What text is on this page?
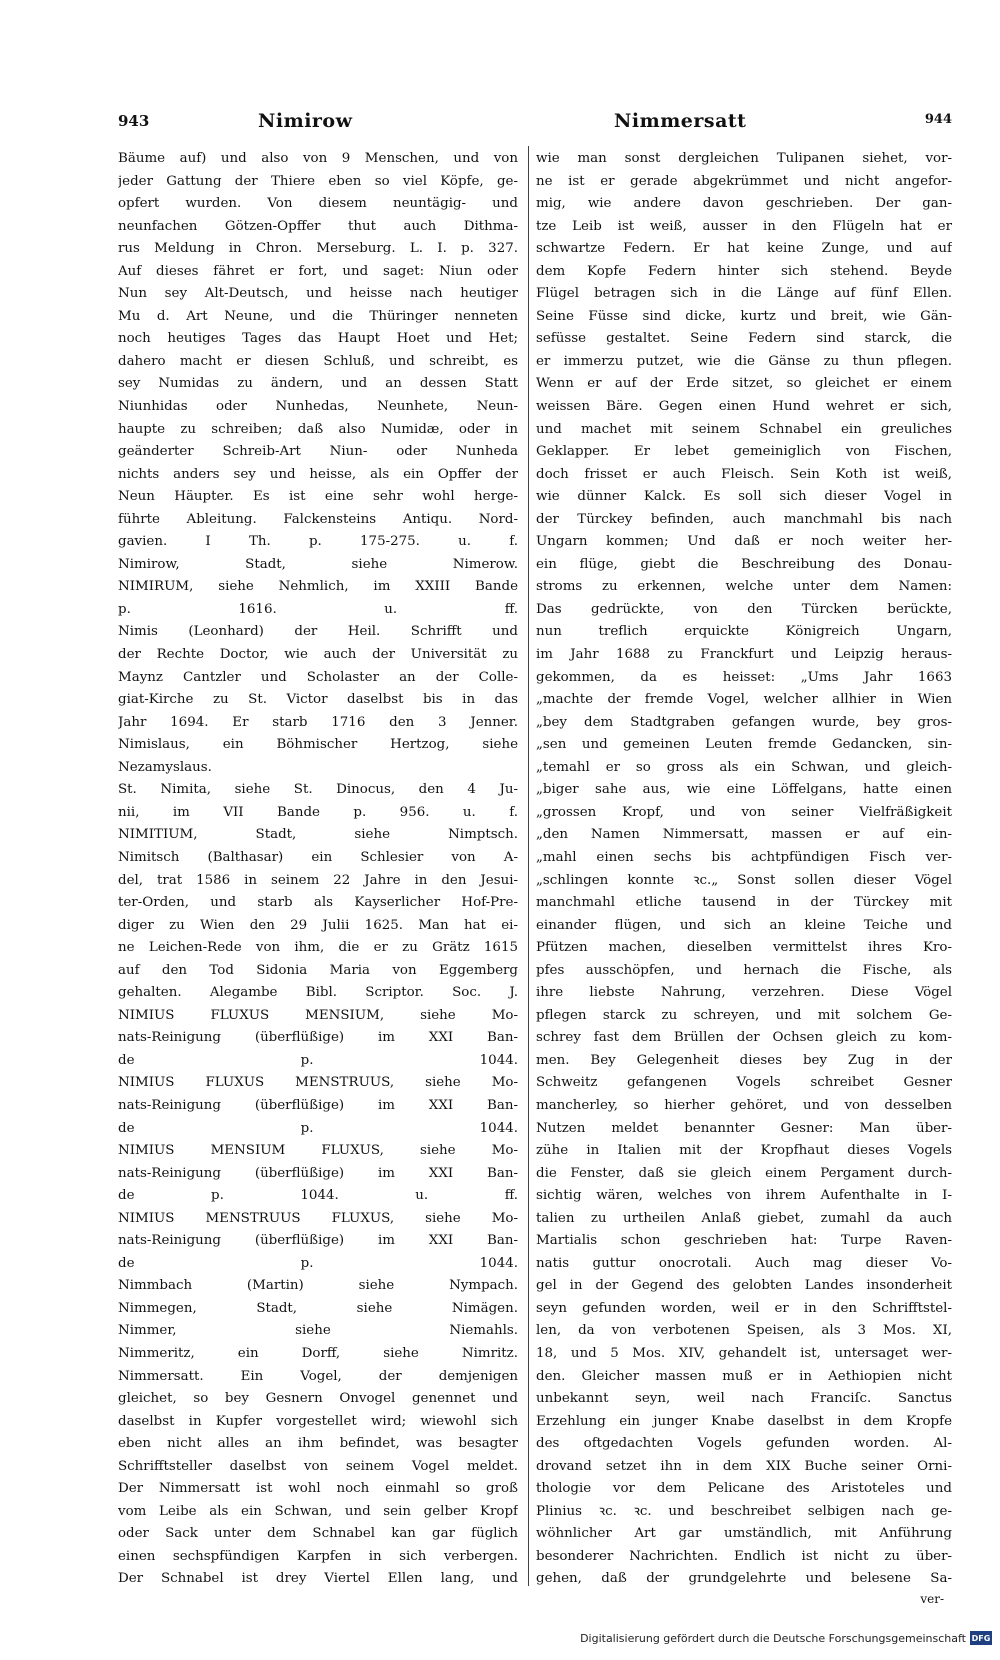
943	Nimirow	Nimmersatt	944
Bäume auf) und also von 9 Menschen, und von
jeder Gattung der Thiere eben so viel Köpfe, ge-
opfert wurden. Von diesem neuntägig- und
neunfachen Götzen-Opffer thut auch Dithma-
rus Meldung in Chron. Merseburg. L. I. p. 327.
Auf dieses fähret er fort, und saget: Niun oder
Nun sey Alt-Deutsch, und heisse nach heutiger
Mu d. Art Neune, und die Thüringer nenneten
noch heutiges Tages das Haupt Hoet und Het;
dahero macht er diesen Schluß, und schreibt, es
sey Numidas zu ändern, und an dessen Statt
Niunhidas oder Nunhedas, Neunhete, Neun-
haupte zu schreiben; daß also Numidæ, oder in
geänderter Schreib-Art Niun- oder Nunheda
nichts anders sey und heisse, als ein Opffer der
Neun Häupter. Es ist eine sehr wohl herge-
führte Ableitung. Falckensteins Antiqu. Nord-
gavien. I Th. p. 175-275. u. f.
Nimirow, Stadt, siehe Nimerow.
NIMIRUM, siehe Nehmlich, im XXIII Bande
p. 1616. u. ff.
Nimis (Leonhard) der Heil. Schrifft und
der Rechte Doctor, wie auch der Universität zu
Maynz Cantzler und Scholaster an der Colle-
giat-Kirche zu St. Victor daselbst bis in das
Jahr 1694. Er starb 1716 den 3 Jenner.
Nimislaus, ein Böhmischer Hertzog, siehe
Nezamyslaus.
St. Nimita, siehe St. Dinocus, den 4 Ju-
nii, im VII Bande p. 956. u. f.
NIMITIUM, Stadt, siehe Nimptsch.
Nimitsch (Balthasar) ein Schlesier von A-
del, trat 1586 in seinem 22 Jahre in den Jesui-
ter-Orden, und starb als Kayserlicher Hof-Pre-
diger zu Wien den 29 Julii 1625. Man hat ei-
ne Leichen-Rede von ihm, die er zu Grätz 1615
auf den Tod Sidonia Maria von Eggemberg
gehalten. Alegambe Bibl. Scriptor. Soc. J.
NIMIUS FLUXUS MENSIUM, siehe Mo-
nats-Reinigung (überflüßige) im XXI Ban-
de p. 1044.
NIMIUS FLUXUS MENSTRUUS, siehe Mo-
nats-Reinigung (überflüßige) im XXI Ban-
de p. 1044.
NIMIUS MENSIUM FLUXUS, siehe Mo-
nats-Reinigung (überflüßige) im XXI Ban-
de p. 1044. u. ff.
NIMIUS MENSTRUUS FLUXUS, siehe Mo-
nats-Reinigung (überflüßige) im XXI Ban-
de p. 1044.
Nimmbach (Martin) siehe Nympach.
Nimmegen, Stadt, siehe Nimägen.
Nimmer, siehe Niemahls.
Nimmeritz, ein Dorff, siehe Nimritz.
Nimmersatt. Ein Vogel, der demjenigen
gleichet, so bey Gesnern Onvogel genennet und
daselbst in Kupfer vorgestellet wird; wiewohl sich
eben nicht alles an ihm befindet, was besagter
Schrifftsteller daselbst von seinem Vogel meldet.
Der Nimmersatt ist wohl noch einmahl so groß
vom Leibe als ein Schwan, und sein gelber Kropf
oder Sack unter dem Schnabel kan gar füglich
einen sechspfündigen Karpfen in sich verbergen.
Der Schnabel ist drey Viertel Ellen lang, und
wie man sonst dergleichen Tulipanen siehet, vor-
ne ist er gerade abgekrümmet und nicht angefor-
mig, wie andere davon geschrieben. Der gan-
tze Leib ist weiß, ausser in den Flügeln hat er
schwartze Federn. Er hat keine Zunge, und auf
dem Kopfe Federn hinter sich stehend. Beyde
Flügel betragen sich in die Länge auf fünf Ellen.
Seine Füsse sind dicke, kurtz und breit, wie Gän-
sefüsse gestaltet. Seine Federn sind starck, die
er immerzu putzet, wie die Gänse zu thun pflegen.
Wenn er auf der Erde sitzet, so gleichet er einem
weissen Bäre. Gegen einen Hund wehret er sich,
und machet mit seinem Schnabel ein greuliches
Geklapper. Er lebet gemeiniglich von Fischen,
doch frisset er auch Fleisch. Sein Koth ist weiß,
wie dünner Kalck. Es soll sich dieser Vogel in
der Türckey befinden, auch manchmahl bis nach
Ungarn kommen; Und daß er noch weiter her-
ein flüge, giebt die Beschreibung des Donau-
stroms zu erkennen, welche unter dem Namen:
Das gedrückte, von den Türcken berückte,
nun treflich erquickte Königreich Ungarn,
im Jahr 1688 zu Franckfurt und Leipzig heraus-
gekommen, da es heisset: „Ums Jahr 1663
„machte der fremde Vogel, welcher allhier in Wien
„bey dem Stadtgraben gefangen wurde, bey gros-
„sen und gemeinen Leuten fremde Gedancken, sin-
„temahl er so gross als ein Schwan, und gleich-
„biger sahe aus, wie eine Löffelgans, hatte einen
„grossen Kropf, und von seiner Vielfräßigkeit
„den Namen Nimmersatt, massen er auf ein-
„mahl einen sechs bis achtpfündigen Fisch ver-
„schlingen konnte ꝛc.„ Sonst sollen dieser Vögel
manchmahl etliche tausend in der Türckey mit
einander flügen, und sich an kleine Teiche und
Pfützen machen, dieselben vermittelst ihres Kro-
pfes ausschöpfen, und hernach die Fische, als
ihre liebste Nahrung, verzehren. Diese Vögel
pflegen starck zu schreyen, und mit solchem Ge-
schrey fast dem Brüllen der Ochsen gleich zu kom-
men. Bey Gelegenheit dieses bey Zug in der
Schweitz gefangenen Vogels schreibet Gesner
mancherley, so hierher gehöret, und von desselben
Nutzen meldet benannter Gesner: Man über-
zühe in Italien mit der Kropfhaut dieses Vogels
die Fenster, daß sie gleich einem Pergament durch-
sichtig wären, welches von ihrem Aufenthalte in I-
talien zu urtheilen Anlaß giebet, zumahl da auch
Martialis schon geschrieben hat: Turpe Raven-
natis guttur onocrotali. Auch mag dieser Vo-
gel in der Gegend des gelobten Landes insonderheit
seyn gefunden worden, weil er in den Schrifftstel-
len, da von verbotenen Speisen, als 3 Mos. XI,
18, und 5 Mos. XIV, gehandelt ist, untersaget wer-
den. Gleicher massen muß er in Aethiopien nicht
unbekannt seyn, weil nach Franciſc. Sanctus
Erzehlung ein junger Knabe daselbst in dem Kropfe
des oftgedachten Vogels gefunden worden. Al-
drovand setzet ihn in dem XIX Buche seiner Orni-
thologie vor dem Pelicane des Aristoteles und
Plinius ꝛc. ꝛc. und beschreibet selbigen nach ge-
wöhnlicher Art gar umständlich, mit Anführung
besonderer Nachrichten. Endlich ist nicht zu über-
gehen, daß der grundgelehrte und belesene Sa-
ver-
Digitalisierung gefördert durch die Deutsche Forschungsgemeinschaft DFG
